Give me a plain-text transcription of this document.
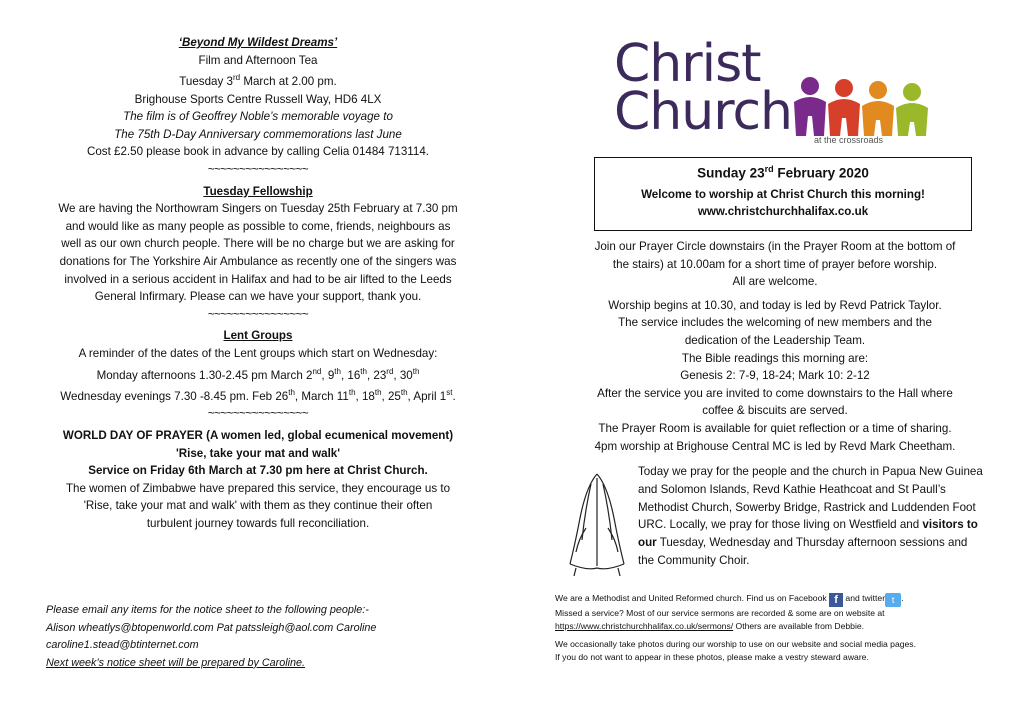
‘Beyond My Wildest Dreams’

Film and Afternoon Tea

Tuesday 3rd March at 2.00 pm.

Brighouse Sports Centre Russell Way, HD6 4LX

The film is of Geoffrey Noble’s memorable voyage to

The 75th D-Day Anniversary commemorations last June

Cost £2.50 please book in advance by calling Celia 01484 713114.

~~~~~~~~~~~~~~~~

Tuesday Fellowship

We are having the Northowram Singers on Tuesday 25th February at 7.30 pm

and would like as many people as possible to come, friends, neighbours as

well as our own church people. There will be no charge but we are asking for

donations for The Yorkshire Air Ambulance as recently one of the singers was

involved in a serious accident in Halifax and had to be air lifted to the Leeds

General Infirmary. Please can we have your support, thank you.

~~~~~~~~~~~~~~~~

Lent Groups

A reminder of the dates of the Lent groups which start on Wednesday:

Monday afternoons 1.30-2.45 pm March 2nd, 9th, 16th, 23rd, 30th

Wednesday evenings 7.30 -8.45 pm. Feb 26th, March 11th, 18th, 25th, April 1st.

~~~~~~~~~~~~~~~~

WORLD DAY OF PRAYER (A women led, global ecumenical movement)

'Rise, take your mat and walk'

Service on Friday 6th March at 7.30 pm here at Christ Church.

The women of Zimbabwe have prepared this service, they encourage us to

'Rise, take your mat and walk' with them as they continue their often

turbulent journey towards full reconciliation.

Please email any items for the notice sheet to the following people:-

Alison wheatlys@btopenworld.com Pat patssleigh@aol.com Caroline

caroline1.stead@btinternet.com

Next week’s notice sheet will be prepared by Caroline.

Christ
Church at the crossroads
Sunday 23rd February 2020
Welcome to worship at Christ Church this morning!
www.christchurchhalifax.co.uk

Join our Prayer Circle downstairs (in the Prayer Room at the bottom of

the stairs) at 10.00am for a short time of prayer before worship.

All are welcome.

Worship begins at 10.30, and today is led by Revd Patrick Taylor.

The service includes the welcoming of new members and the

dedication of the Leadership Team.

The Bible readings this morning are:

Genesis 2: 7-9, 18-24; Mark 10: 2-12

After the service you are invited to come downstairs to the Hall where

coffee & biscuits are served.

The Prayer Room is available for quiet reflection or a time of sharing.

4pm worship at Brighouse Central MC is led by Revd Mark Cheetham.

Today we pray for the people and the church in Papua New Guinea and Solomon Islands, Revd Kathie Heathcoat and St Paull’s Methodist Church, Sowerby Bridge, Rastrick and Luddenden Foot URC. Locally, we pray for those living on Westfield and visitors to our Tuesday, Wednesday and Thursday afternoon sessions and the Community Choir.

We are a Methodist and United Reformed church. Find us on Facebook f and twitter t .

Missed a service? Most of our service sermons are recorded & some are on website at

https://www.christchurchhalifax.co.uk/sermons/ Others are available from Debbie.

We occasionally take photos during our worship to use on our website and social media pages.

If you do not want to appear in these photos, please make a vestry steward aware.
